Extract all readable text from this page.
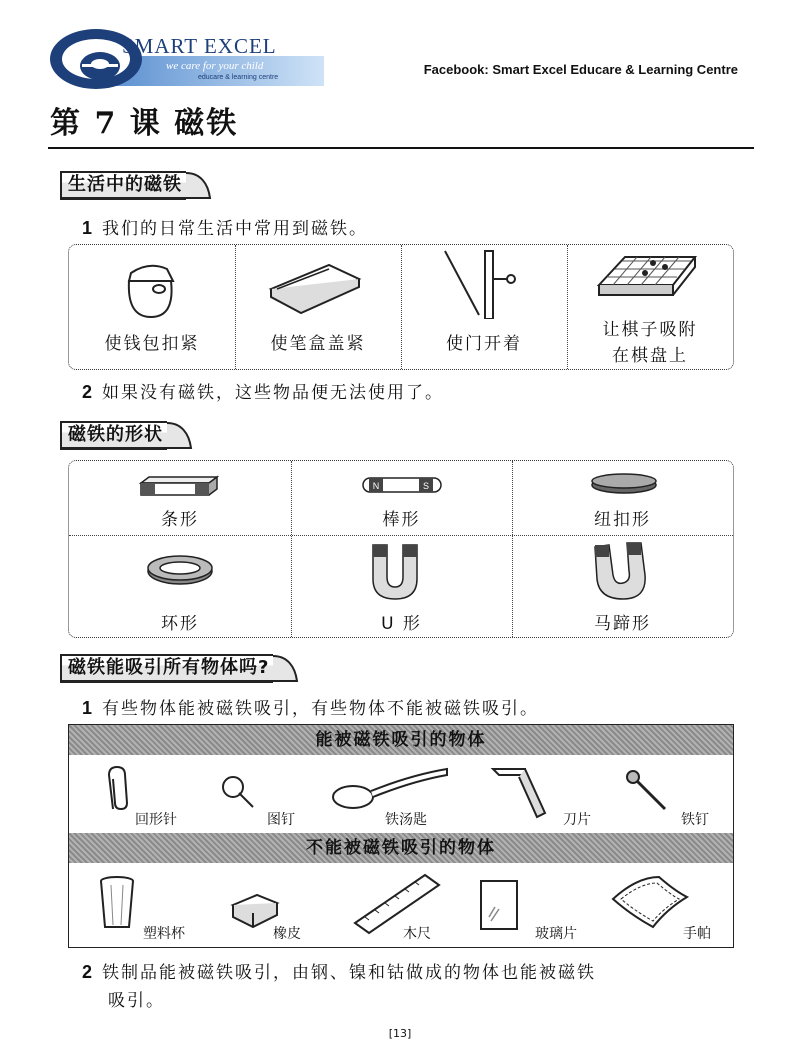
SMART EXCEL
we care for your child
educare & learning centre
Facebook: Smart Excel Educare & Learning Centre
第 7 课 磁铁
生活中的磁铁
1 我们的日常生活中常用到磁铁。
使钱包扣紧	使笔盒盖紧	使门开着
让棋子吸附
在棋盘上
2 如果没有磁铁，这些物品便无法使用了。
磁铁的形状
N	S
条形	棒形	纽扣形
环形	U 形	马蹄形
磁铁能吸引所有物体吗?
1 有些物体能被磁铁吸引，有些物体不能被磁铁吸引。
能被磁铁吸引的物体
不能被磁铁吸引的物体
回形针	图钉	铁汤匙	刀片	铁钉
塑料杯	橡皮	木尺	玻璃片	手帕
2 铁制品能被磁铁吸引，由钢、镍和钴做成的物体也能被磁铁
吸引。
[13]
